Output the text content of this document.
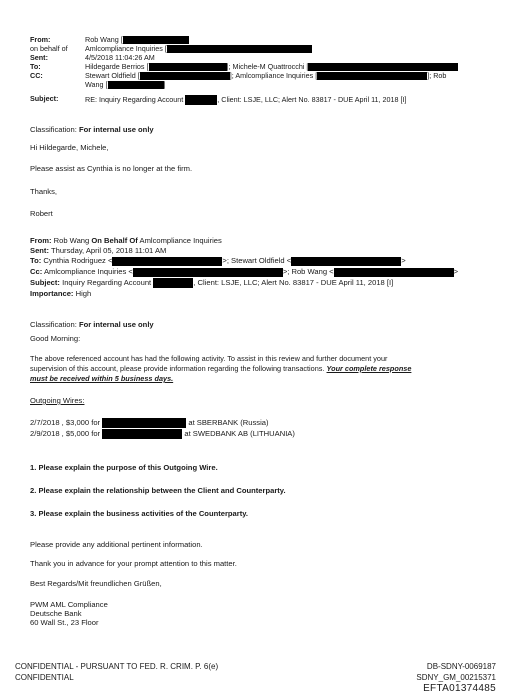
From:	Rob Wang [
on behalf of Amlcompliance Inquiries [
Sent:	4/5/2018 11:04:26 AM
To:	Hildegarde Berrios [	]; Michele-M Quattrocchi [
CC:	Stewart Oldfield [	]; Amlcompliance Inquiries [	]; Rob
Wang [	]
Subject:	RE: Inquiry Regarding Account	, Client: LSJE, LLC; Alert No. 83817 - DUE April 11, 2018 [I]
Classification: For internal use only
Hi Hildegarde, Michele,
Please assist as Cynthia is no longer at the firm.
Thanks,
Robert
From: Rob Wang On Behalf Of Amlcompliance Inquiries
Sent: Thursday, April 05, 2018 11:01 AM
To: Cynthia Rodriguez <	>; Stewart Oldfield <	>
Cc: Amlcompliance Inquiries <	>; Rob Wang <	>
Subject: Inquiry Regarding Account	, Client: LSJE, LLC; Alert No. 83817 - DUE April 11, 2018 [I]
Importance: High
Classification: For internal use only
Good Morning:
The above referenced account has had the following activity. To assist in this review and further document your
supervision of this account, please provide information regarding the following transactions. Your complete response
must be received within 5 business days.
Outgoing Wires:
2/7/2018 , $3,000 for	at SBERBANK (Russia)
2/9/2018 , $5,000 for	at SWEDBANK AB (LITHUANIA)
1. Please explain the purpose of this Outgoing Wire.
2. Please explain the relationship between the Client and Counterparty.
3. Please explain the business activities of the Counterparty.
Please provide any additional pertinent information.
Thank you in advance for your prompt attention to this matter.
Best Regards/Mit freundlichen Grüßen,
PWM AML Compliance
Deutsche Bank
60 Wall St., 23 Floor
CONFIDENTIAL - PURSUANT TO FED. R. CRIM. P. 6(e)
CONFIDENTIAL
DB-SDNY-0069187
SDNY_GM_00215371
EFTA01374485
